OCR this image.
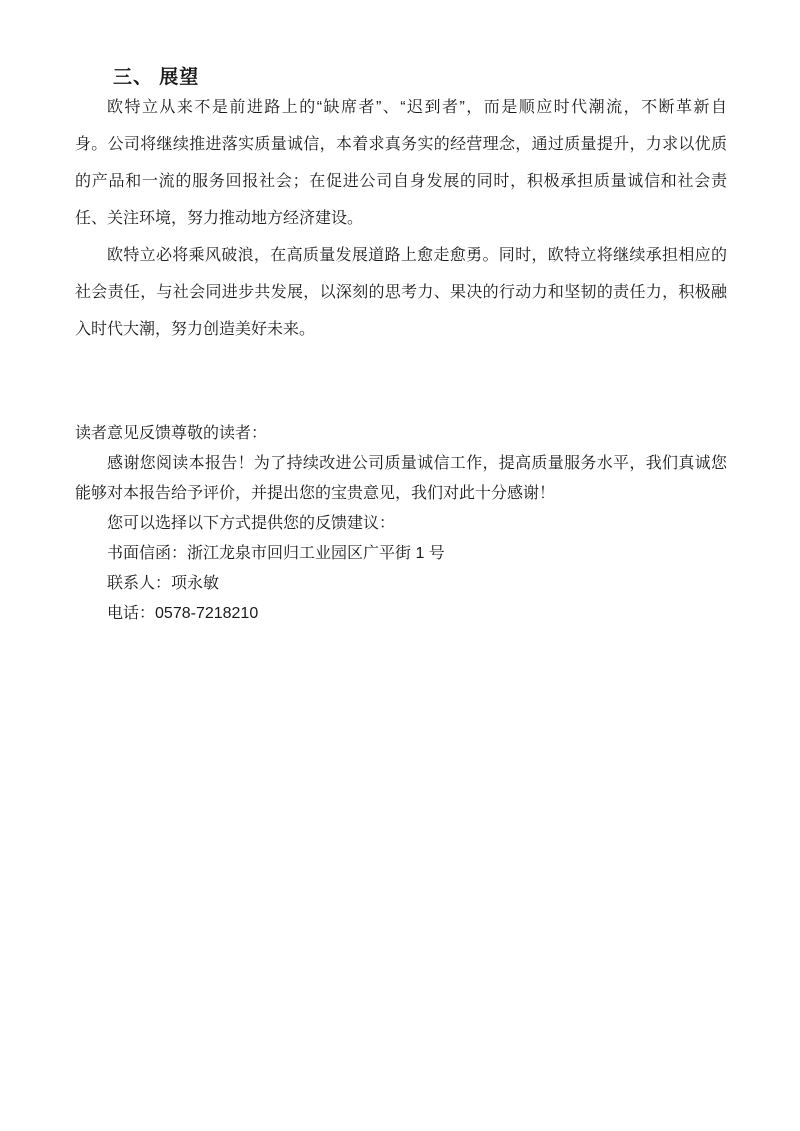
三、 展望
欧特立从来不是前进路上的“缺席者”、“迟到者”，而是顺应时代潮流，不断革新自
身。公司将继续推进落实质量诚信，本着求真务实的经营理念，通过质量提升，力求以优质
的产品和一流的服务回报社会；在促进公司自身发展的同时，积极承担质量诚信和社会责
任、关注环境，努力推动地方经济建设。
欧特立必将乘风破浪，在高质量发展道路上愈走愈勇。同时，欧特立将继续承担相应的
社会责任，与社会同进步共发展，以深刻的思考力、果决的行动力和坚韧的责任力，积极融
入时代大潮，努力创造美好未来。
读者意见反馈尊敬的读者：
感谢您阅读本报告！为了持续改进公司质量诚信工作，提高质量服务水平，我们真诚您
能够对本报告给予评价，并提出您的宝贵意见，我们对此十分感谢！
您可以选择以下方式提供您的反馈建议：
书面信函：浙江龙泉市回归工业园区广平街 1 号
联系人：项永敏
电话：0578-7218210
